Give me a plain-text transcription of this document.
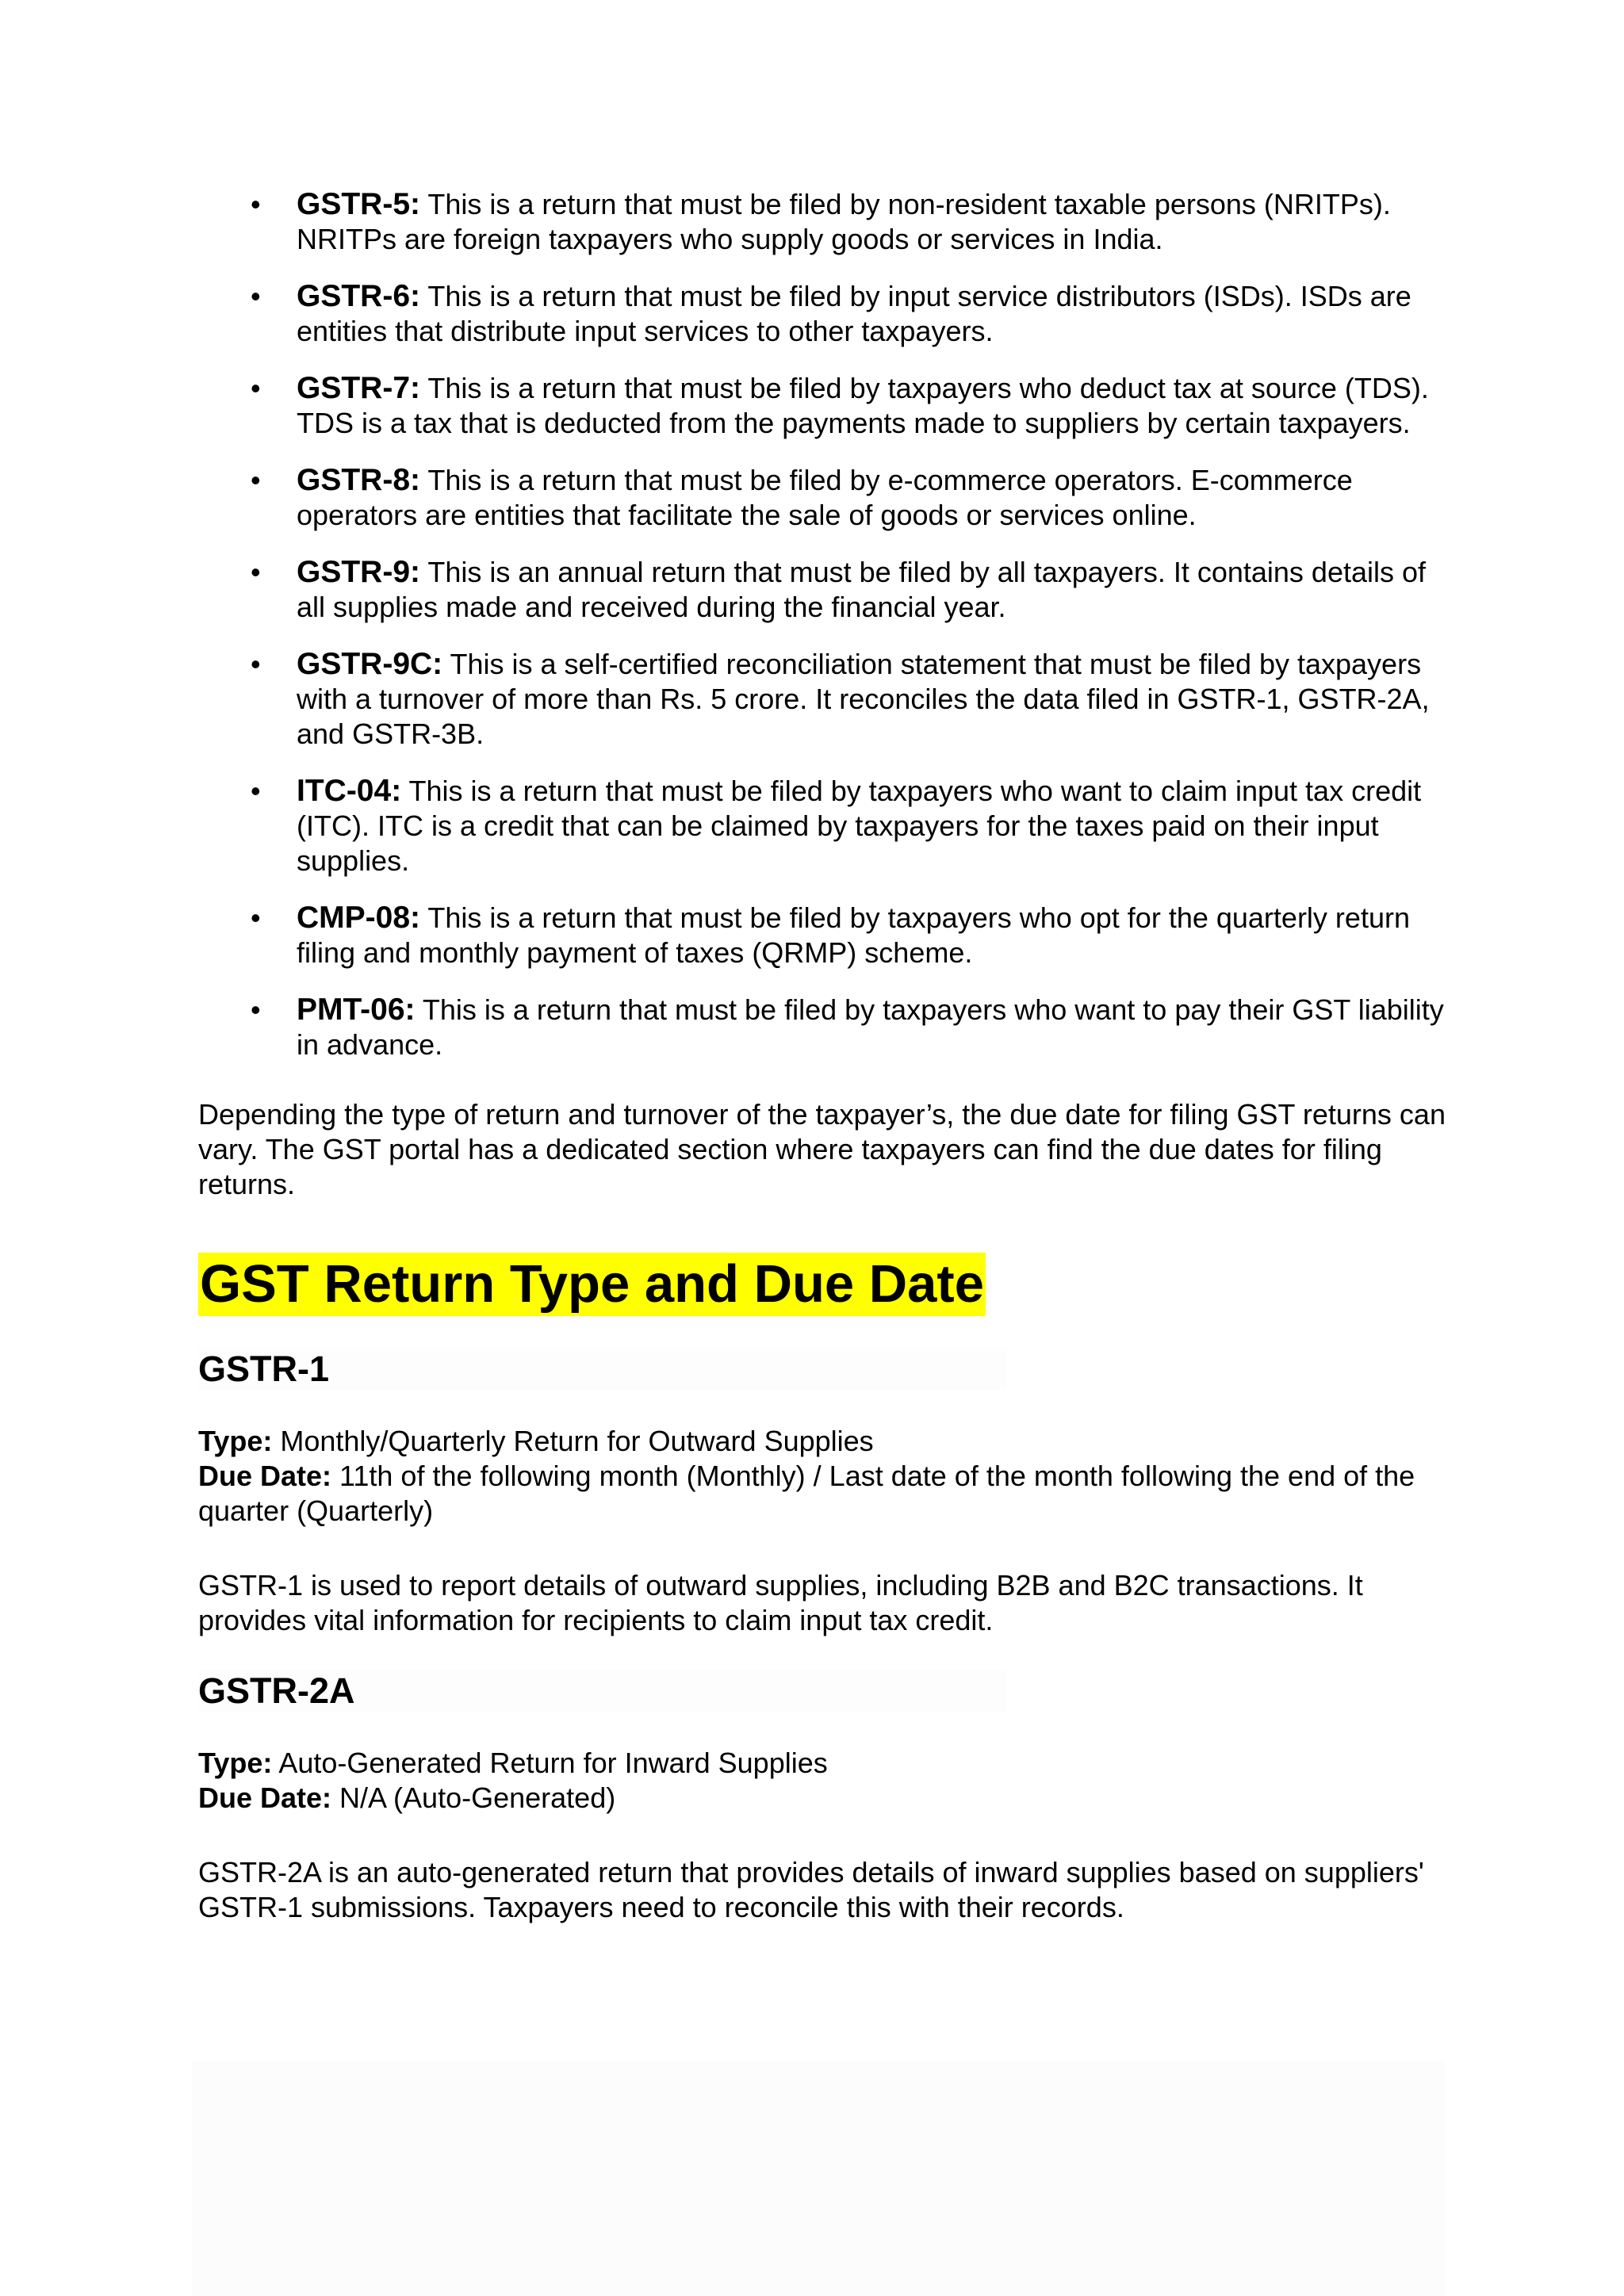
• GSTR-5: This is a return that must be filed by non-resident taxable persons (NRITPs). NRITPs are foreign taxpayers who supply goods or services in India.
• GSTR-6: This is a return that must be filed by input service distributors (ISDs). ISDs are entities that distribute input services to other taxpayers.
• GSTR-7: This is a return that must be filed by taxpayers who deduct tax at source (TDS). TDS is a tax that is deducted from the payments made to suppliers by certain taxpayers.
• GSTR-8: This is a return that must be filed by e-commerce operators. E-commerce operators are entities that facilitate the sale of goods or services online.
• GSTR-9: This is an annual return that must be filed by all taxpayers. It contains details of all supplies made and received during the financial year.
• GSTR-9C: This is a self-certified reconciliation statement that must be filed by taxpayers with a turnover of more than Rs. 5 crore. It reconciles the data filed in GSTR-1, GSTR-2A, and GSTR-3B.
• ITC-04: This is a return that must be filed by taxpayers who want to claim input tax credit (ITC). ITC is a credit that can be claimed by taxpayers for the taxes paid on their input supplies.
• CMP-08: This is a return that must be filed by taxpayers who opt for the quarterly return filing and monthly payment of taxes (QRMP) scheme.
• PMT-06: This is a return that must be filed by taxpayers who want to pay their GST liability in advance.

Depending the type of return and turnover of the taxpayer’s, the due date for filing GST returns can vary. The GST portal has a dedicated section where taxpayers can find the due dates for filing returns.

GST Return Type and Due Date
GSTR-1
Type: Monthly/Quarterly Return for Outward Supplies
Due Date: 11th of the following month (Monthly) / Last date of the month following the end of the quarter (Quarterly)

GSTR-1 is used to report details of outward supplies, including B2B and B2C transactions. It provides vital information for recipients to claim input tax credit.

GSTR-2A
Type: Auto-Generated Return for Inward Supplies
Due Date: N/A (Auto-Generated)

GSTR-2A is an auto-generated return that provides details of inward supplies based on suppliers' GSTR-1 submissions. Taxpayers need to reconcile this with their records.
